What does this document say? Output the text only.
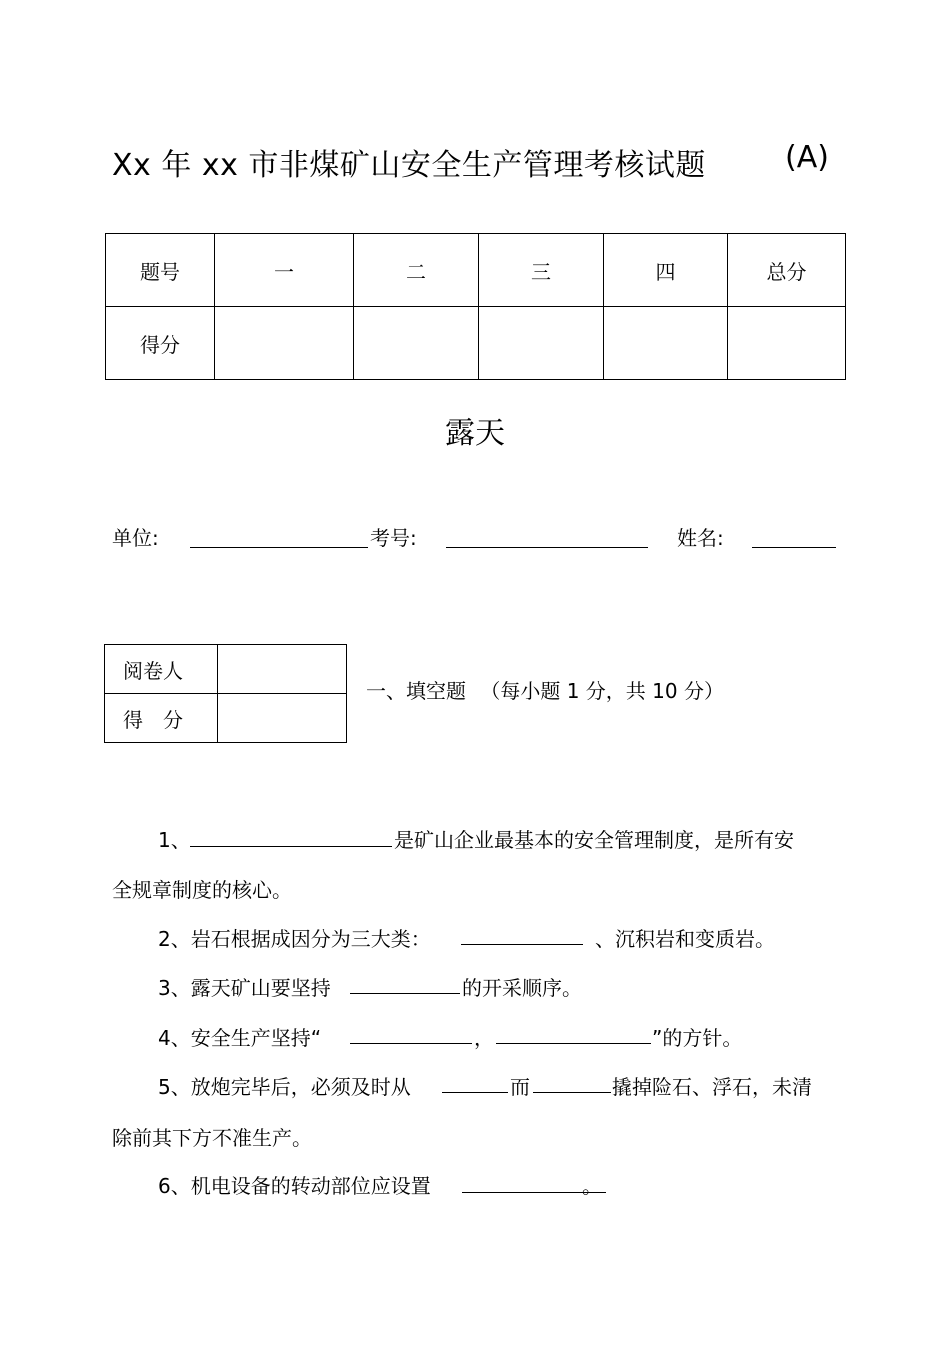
Xx 年 xx 市非煤矿山安全生产管理考核试题	(A)
题号	一	二	三	四	总分
得分					
露天
单位:	考号:	姓名:
阅卷人	
得　分	
一、填空题 （每小题 1 分，共 10 分）
1、	是矿山企业最基本的安全管理制度，是所有安
全规章制度的核心。
2、岩石根据成因分为三大类：	、沉积岩和变质岩。
3、露天矿山要坚持	的开采顺序。
4、安全生产坚持“	，	”的方针。
5、放炮完毕后，必须及时从	而	撬掉险石、浮石，未清
除前其下方不准生产。
6、机电设备的转动部位应设置	。
